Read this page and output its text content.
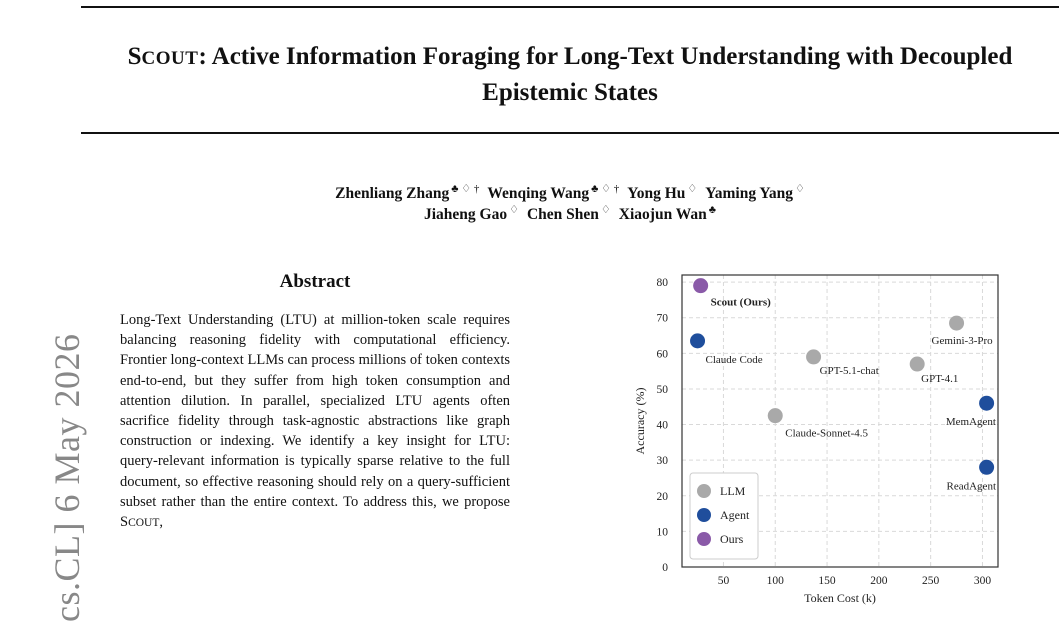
SCOUT: Active Information Foraging for Long-Text Understanding with Decoupled Epistemic States
Zhenliang Zhang ♣ ♢ † Wenqing Wang ♣ ♢ † Yong Hu ♢ Yaming Yang ♢
Jiaheng Gao ♢ Chen Shen ♢ Xiaojun Wan ♣
cs.CL] 6 May 2026
Abstract
Long-Text Understanding (LTU) at million-token scale requires balancing reasoning fidelity with computational efficiency. Frontier long-context LLMs can process millions of token contexts end-to-end, but they suffer from high token consumption and attention dilution. In parallel, specialized LTU agents often sacrifice fidelity through task-agnostic abstractions like graph construction or indexing. We identify a key insight for LTU: query-relevant information is typically sparse relative to the full document, so effective reasoning should rely on a query-sufficient subset rather than the entire context. To address this, we propose SCOUT,
50	100	150	200	250	300
0
10
20
30
40
50
60
70
80
Scout (Ours)
Claude Code
GPT-5.1-chat
GPT-4.1
Gemini-3-Pro
Claude-Sonnet-4.5
MemAgent
ReadAgent
LLM
Agent
Ours
Token Cost (k)
Accuracy (%)
